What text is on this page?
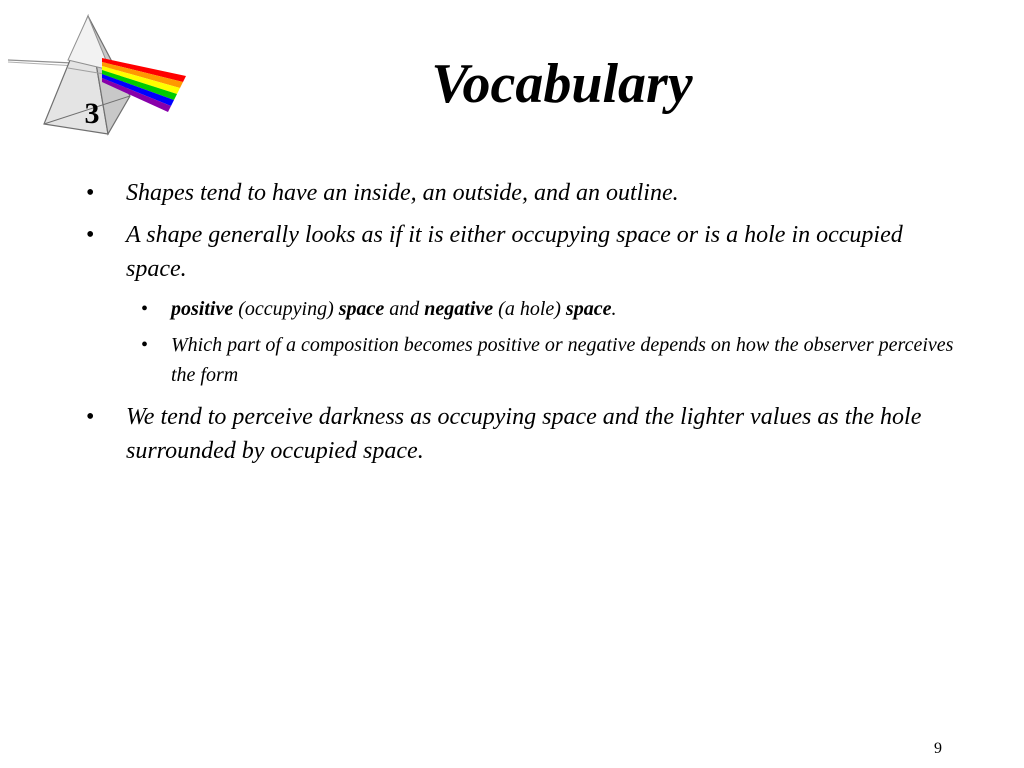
3	Vocabulary
• Shapes tend to have an inside, an outside, and an outline.
• A shape generally looks as if it is either occupying space or is a hole in occupied space.
• positive (occupying) space and negative (a hole) space.
• Which part of a composition becomes positive or negative depends on how the observer perceives the form
• We tend to perceive darkness as occupying space and the lighter values as the hole surrounded by occupied space.
9
